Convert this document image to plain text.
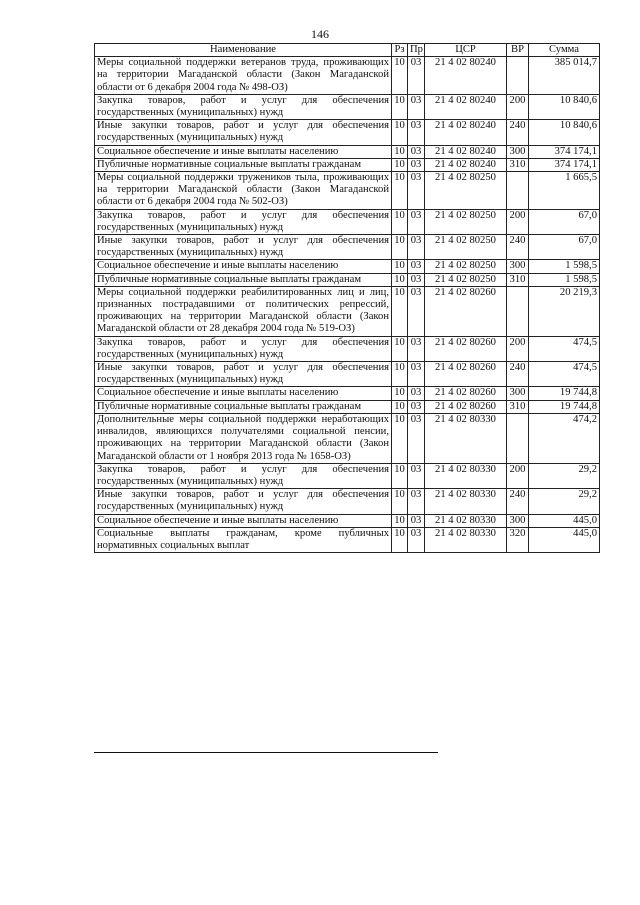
146
Наименование	Рз	Пр	ЦСР	ВР	Сумма
Меры социальной поддержки ветеранов труда, проживающих на территории Магаданской области (Закон Магаданской области от 6 декабря 2004 года № 498-ОЗ)	10	03	21 4 02 80240		385 014,7
Закупка товаров, работ и услуг для обеспечения государственных (муниципальных) нужд	10	03	21 4 02 80240	200	10 840,6
Иные закупки товаров, работ и услуг для обеспечения государственных (муниципальных) нужд	10	03	21 4 02 80240	240	10 840,6
Социальное обеспечение и иные выплаты населению	10	03	21 4 02 80240	300	374 174,1
Публичные нормативные социальные выплаты гражданам	10	03	21 4 02 80240	310	374 174,1
Меры социальной поддержки тружеников тыла, проживающих на территории Магаданской области (Закон Магаданской области от 6 декабря 2004 года № 502-ОЗ)	10	03	21 4 02 80250		1 665,5
Закупка товаров, работ и услуг для обеспечения государственных (муниципальных) нужд	10	03	21 4 02 80250	200	67,0
Иные закупки товаров, работ и услуг для обеспечения государственных (муниципальных) нужд	10	03	21 4 02 80250	240	67,0
Социальное обеспечение и иные выплаты населению	10	03	21 4 02 80250	300	1 598,5
Публичные нормативные социальные выплаты гражданам	10	03	21 4 02 80250	310	1 598,5
Меры социальной поддержки реабилитированных лиц и лиц, признанных пострадавшими от политических репрессий, проживающих на территории Магаданской области (Закон Магаданской области от 28 декабря 2004 года № 519-ОЗ)	10	03	21 4 02 80260		20 219,3
Закупка товаров, работ и услуг для обеспечения государственных (муниципальных) нужд	10	03	21 4 02 80260	200	474,5
Иные закупки товаров, работ и услуг для обеспечения государственных (муниципальных) нужд	10	03	21 4 02 80260	240	474,5
Социальное обеспечение и иные выплаты населению	10	03	21 4 02 80260	300	19 744,8
Публичные нормативные социальные выплаты гражданам	10	03	21 4 02 80260	310	19 744,8
Дополнительные меры социальной поддержки неработающих инвалидов, являющихся получателями социальной пенсии, проживающих на территории Магаданской области (Закон Магаданской области от 1 ноября 2013 года № 1658-ОЗ)	10	03	21 4 02 80330		474,2
Закупка товаров, работ и услуг для обеспечения государственных (муниципальных) нужд	10	03	21 4 02 80330	200	29,2
Иные закупки товаров, работ и услуг для обеспечения государственных (муниципальных) нужд	10	03	21 4 02 80330	240	29,2
Социальное обеспечение и иные выплаты населению	10	03	21 4 02 80330	300	445,0
Социальные выплаты гражданам, кроме публичных нормативных социальных выплат	10	03	21 4 02 80330	320	445,0
